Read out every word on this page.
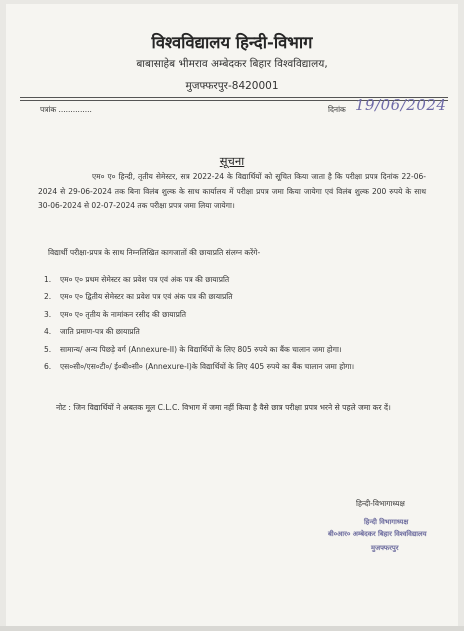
विश्वविद्यालय हिन्दी-विभाग
बाबासाहेब भीमराव अम्बेदकर बिहार विश्वविद्यालय,
मुजफ्फरपुर-8420001
पत्रांक ..............	दिनांक 19/06/2024
सूचना
एम० ए० हिन्दी, तृतीय सेमेस्टर, सत्र 2022-24 के विद्यार्थियों को सूचित किया जाता है कि परीक्षा प्रपत्र दिनांक 22-06-2024 से 29-06-2024 तक बिना विलंब शुल्क के साथ कार्यालय में परीक्षा प्रपत्र जमा किया जायेगा एवं विलंब शुल्क 200 रुपये के साथ 30-06-2024 से 02-07-2024 तक परीक्षा प्रपत्र जमा लिया जायेगा।
विद्यार्थी परीक्षा-प्रपत्र के साथ निम्नलिखित कागजातों की छायाप्रति संलग्न करेंगे-
1.	एम० ए० प्रथम सेमेस्टर का प्रवेश पत्र एवं अंक पत्र की छायाप्रति
2.	एम० ए० द्वितीय सेमेस्टर का प्रवेश पत्र एवं अंक पत्र की छायाप्रति
3.	एम० ए० तृतीय के नामांकन रसीद की छायाप्रति
4.	जाति प्रमाण-पत्र की छायाप्रति
5.	सामान्य/ अन्य पिछड़े वर्ग (Annexure-II) के विद्यार्थियों के लिए 805 रुपये का बैंक चालान जमा होगा।
6.	एस०सी०/एस०टी०/ ई०बी०सी० (Annexure-I)के विद्यार्थियों के लिए 405 रुपये का बैंक चालान जमा होगा।
नोट : जिन विद्यार्थियों ने अबतक मूल C.L.C. विभाग में जमा नहीं किया है वैसे छात्र परीक्षा प्रपत्र भरने से पहले जमा कर दें।
हिन्दी-विभागाध्यक्ष
हिन्दी विभागाध्यक्ष
बी०आर० अम्बेदकर बिहार विश्वविद्यालय
मुजफ्फरपुर
